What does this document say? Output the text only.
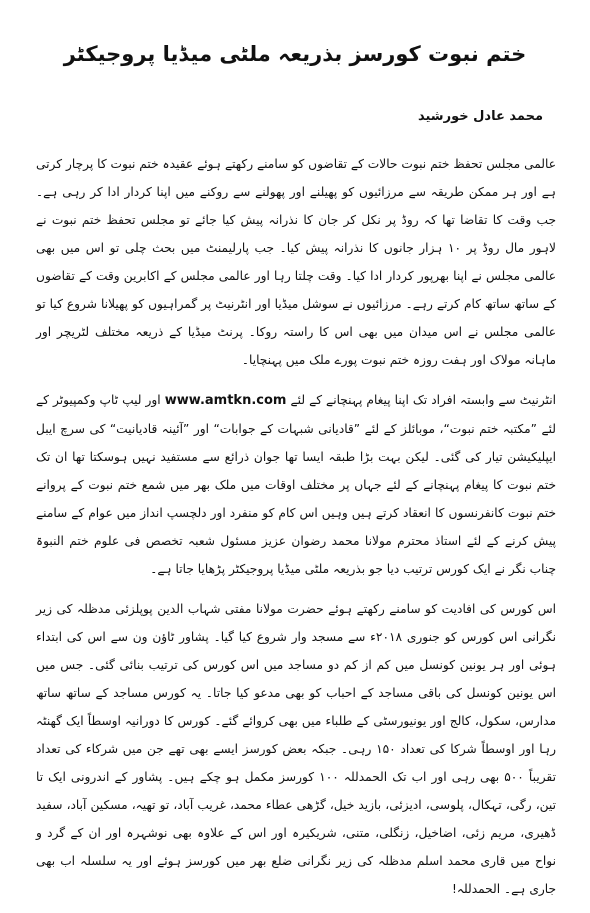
ختم نبوت کورسز بذریعہ ملٹی میڈیا پروجیکٹر
محمد عادل خورشید

عالمی مجلس تحفظ ختم نبوت حالات کے تقاضوں کو سامنے رکھتے ہوئے عقیدہ ختم نبوت کا پرچار کرتی ہے اور ہر ممکن طریقہ سے مرزائیوں کو پھیلنے اور پھولنے سے روکنے میں اپنا کردار ادا کر رہی ہے۔ جب وقت کا تقاضا تھا کہ روڈ پر نکل کر جان کا نذرانہ پیش کیا جائے تو مجلس تحفظ ختم نبوت نے لاہور مال روڈ پر ۱۰ ہزار جانوں کا نذرانہ پیش کیا۔ جب پارلیمنٹ میں بحث چلی تو اس میں بھی عالمی مجلس نے اپنا بھرپور کردار ادا کیا۔ وقت چلتا رہا اور عالمی مجلس کے اکابرین وقت کے تقاضوں کے ساتھ ساتھ کام کرتے رہے۔ مرزائیوں نے سوشل میڈیا اور انٹرنیٹ پر گمراہیوں کو پھیلانا شروع کیا تو عالمی مجلس نے اس میدان میں بھی اس کا راستہ روکا۔ پرنٹ میڈیا کے ذریعہ مختلف لٹریچر اور ماہانہ مولاک اور ہفت روزہ ختم نبوت پورے ملک میں پہنچایا۔

انٹرنیٹ سے وابستہ افراد تک اپنا پیغام پہنچانے کے لئے www.amtkn.com اور لیپ ٹاپ وکمپیوٹر کے لئے ”مکتبہ ختم نبوت“، موبائلز کے لئے ”قادیانی شبہات کے جوابات“ اور ”آئینہ قادیانیت“ کی سرچ ایبل ایپلیکیشن تیار کی گئی۔ لیکن بہت بڑا طبقہ ایسا تھا جوان ذرائع سے مستفید نہیں ہوسکتا تھا ان تک ختم نبوت کا پیغام پہنچانے کے لئے جہاں پر مختلف اوقات میں ملک بھر میں شمع ختم نبوت کے پروانے ختم نبوت کانفرنسوں کا انعقاد کرتے ہیں وہیں اس کام کو منفرد اور دلچسپ انداز میں عوام کے سامنے پیش کرنے کے لئے استاذ محترم مولانا محمد رضوان عزیز مسئول شعبہ تخصص فی علوم ختم النبوۃ چناب نگر نے ایک کورس ترتیب دیا جو بذریعہ ملٹی میڈیا پروجیکٹر پڑھایا جاتا ہے۔

اس کورس کی افادیت کو سامنے رکھتے ہوئے حضرت مولانا مفتی شہاب الدین پوپلزئی مدظلہ کی زیر نگرانی اس کورس کو جنوری ۲۰۱۸ء سے مسجد وار شروع کیا گیا۔ پشاور ٹاؤن ون سے اس کی ابتداء ہوئی اور ہر یونین کونسل میں کم از کم دو مساجد میں اس کورس کی ترتیب بنائی گئی۔ جس میں اس یونین کونسل کی باقی مساجد کے احباب کو بھی مدعو کیا جاتا۔ یہ کورس مساجد کے ساتھ ساتھ مدارس، سکول، کالج اور یونیورسٹی کے طلباء میں بھی کروائے گئے۔ کورس کا دورانیہ اوسطاً ایک گھنٹہ رہا اور اوسطاً شرکا کی تعداد ۱۵۰ رہی۔ جبکہ بعض کورسز ایسے بھی تھے جن میں شرکاء کی تعداد تقریباً ۵۰۰ بھی رہی اور اب تک الحمدللہ ۱۰۰ کورسز مکمل ہو چکے ہیں۔ پشاور کے اندرونی ایک تا تین، رگی، تہکال، پلوسی، ادیزئی، بازید خیل، گڑھی عطاء محمد، غریب آباد، تو تھیہ، مسکین آباد، سفید ڈھیری، مریم زئی، اضاخیل، زنگلی، متنی، شریکیرہ اور اس کے علاوہ بھی نوشہرہ اور ان کے گرد و نواح میں قاری محمد اسلم مدظلہ کی زیر نگرانی ضلع بھر میں کورسز ہوئے اور یہ سلسلہ اب بھی جاری ہے۔ الحمدللہ!
